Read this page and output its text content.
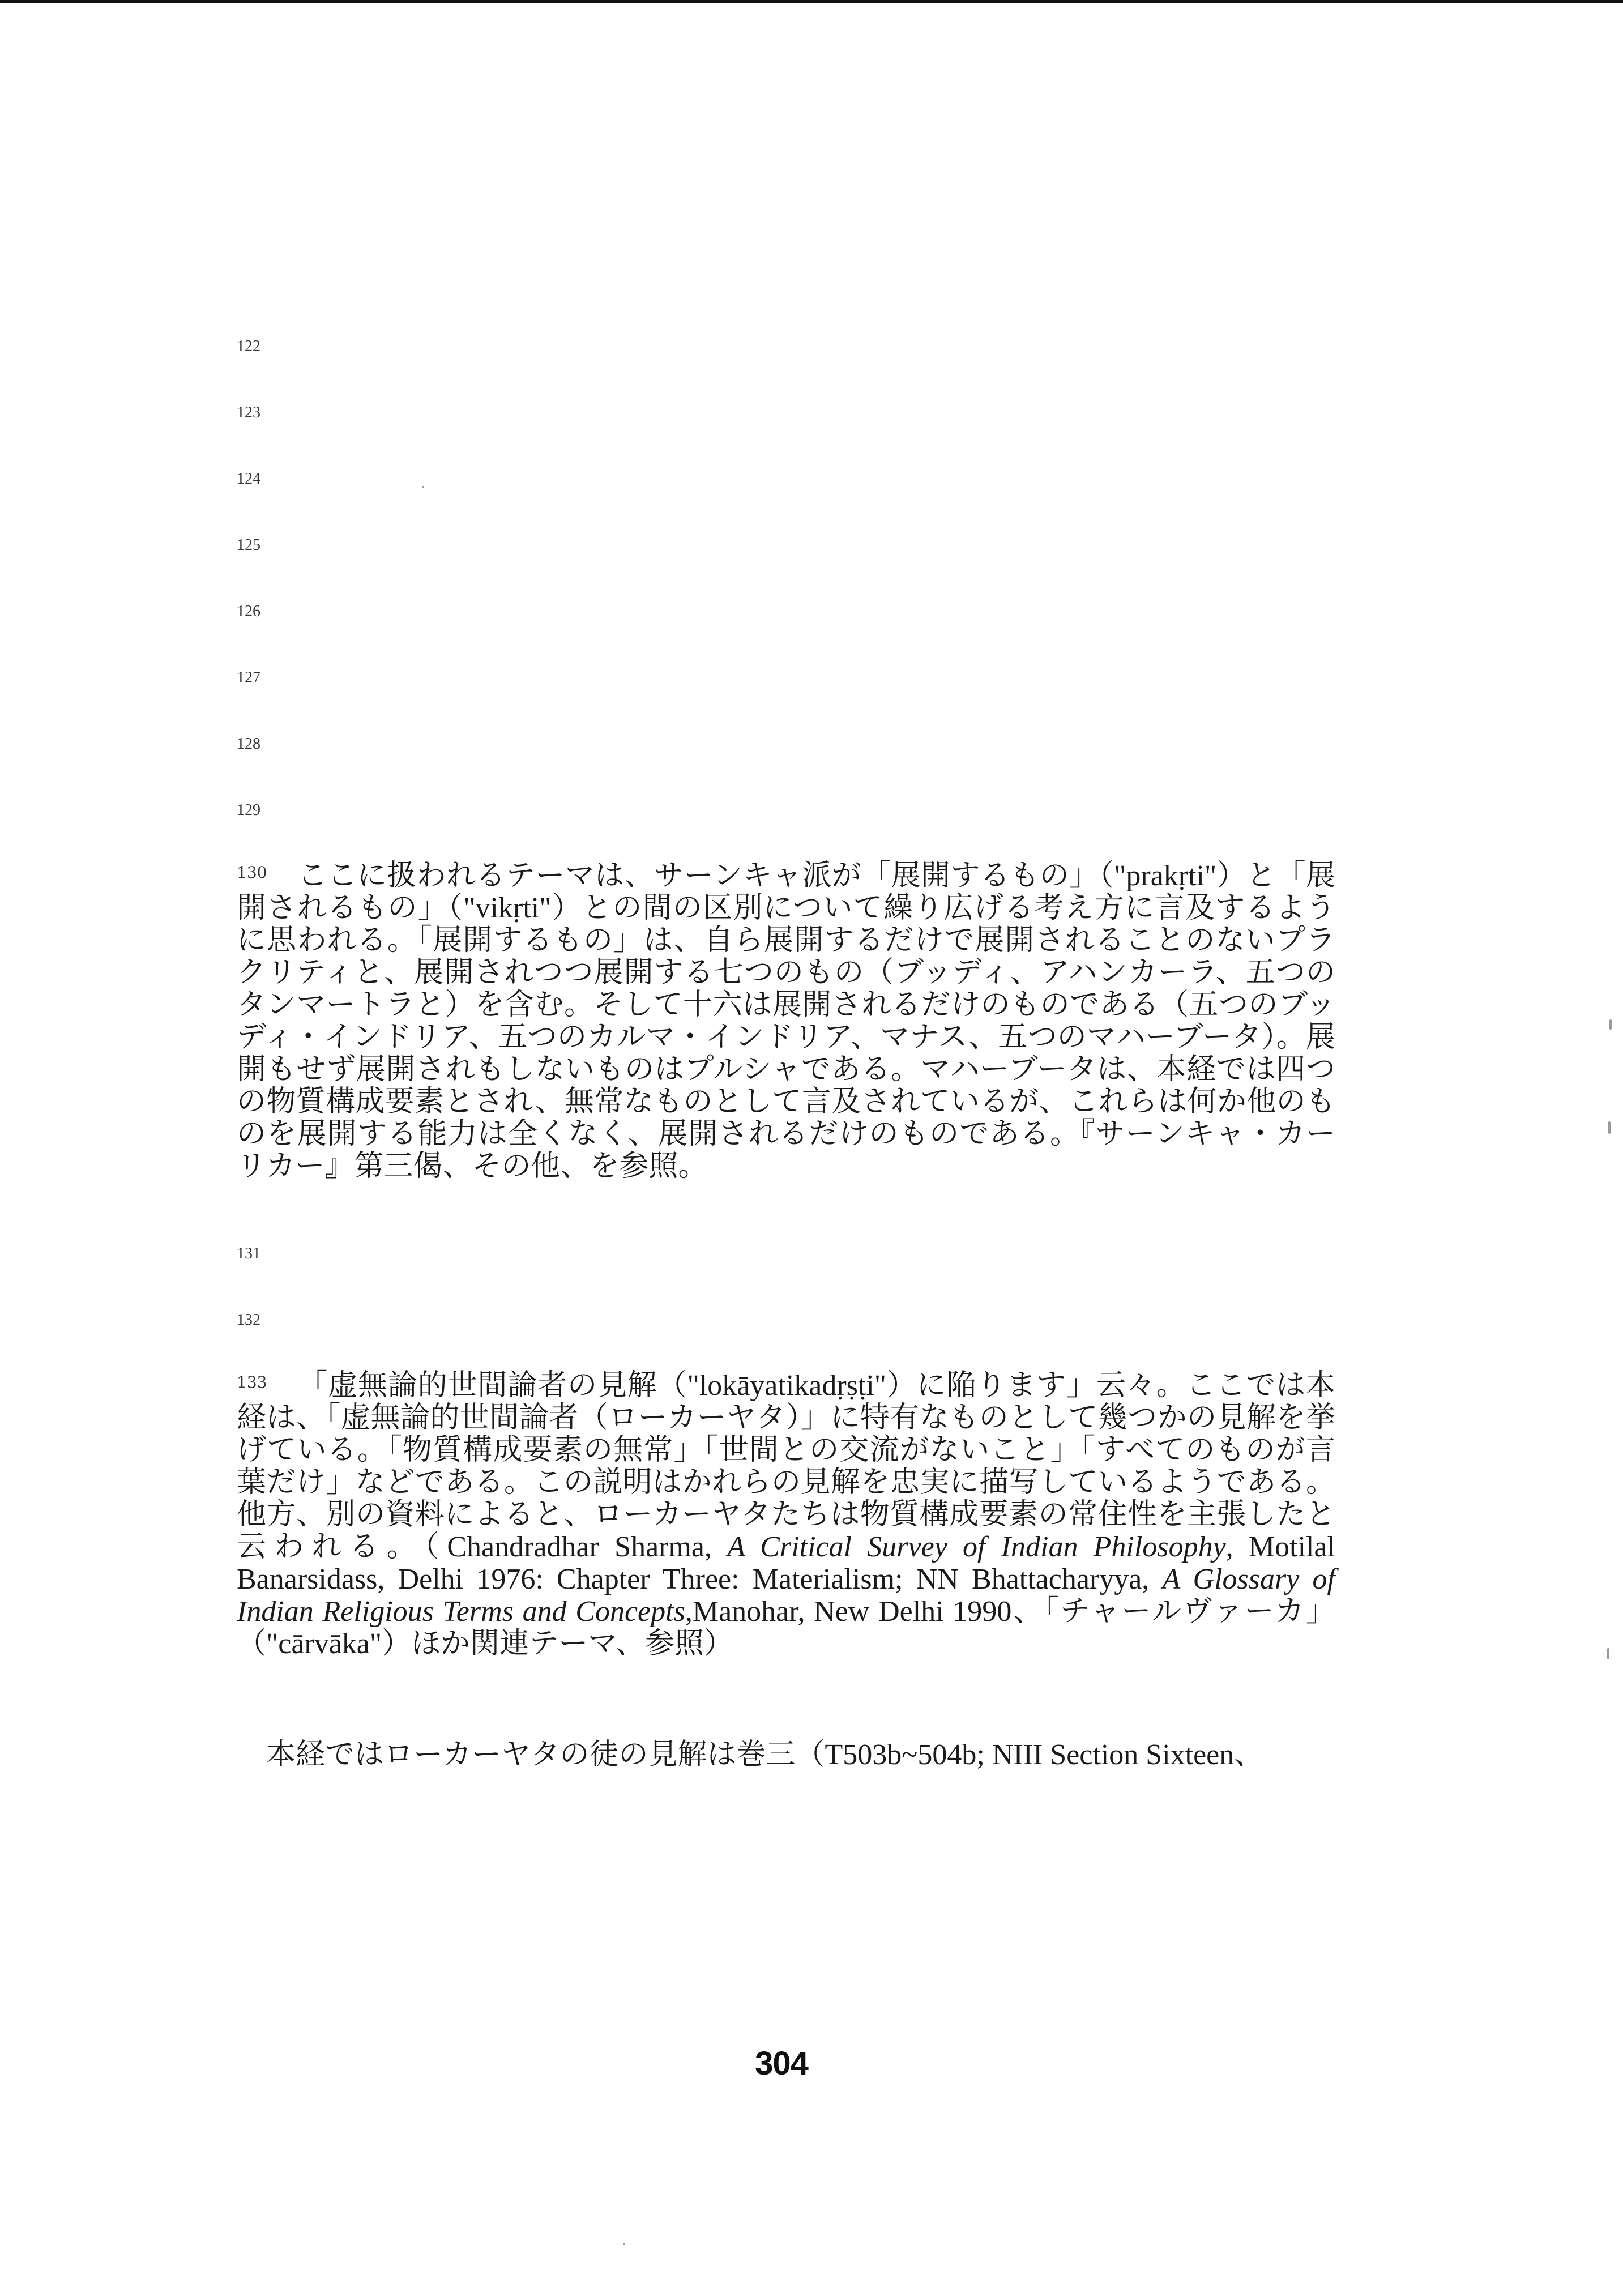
122
123
124
125
126
127
128
129
$^{130}$ ここに扱われるテーマは、サーンキャ派が「展開するもの」（"prakṛti"）と「展開されるもの」（"vikṛti"）との間の区別について繰り広げる考え方に言及するように思われる。「展開するもの」は、自ら展開するだけで展開されることのないプラクリティと、展開されつつ展開する七つのもの（ブッディ、アハンカーラ、五つのタンマートラと）を含む。そして十六は展開されるだけのものである（五つのブッディ・インドリア、五つのカルマ・インドリア、マナス、五つのマハーブータ）。展開もせず展開されもしないものはプルシャである。マハーブータは、本経では四つの物質構成要素とされ、無常なものとして言及されているが、これらは何か他のものを展開する能力は全くなく、展開されるだけのものである。『サーンキャ・カーリカー』第三偈、その他、を参照。
131
132
$^{133}$ 「虚無論的世間論者の見解（"lokāyatikadṛṣṭi"）に陥ります」云々。ここでは本経は、「虚無論的世間論者（ローカーヤタ）」に特有なものとして幾つかの見解を挙げている。「物質構成要素の無常」「世間との交流がないこと」「すべてのものが言葉だけ」などである。この説明はかれらの見解を忠実に描写しているようである。他方、別の資料によると、ローカーヤタたちは物質構成要素の常住性を主張したと云われる。（Chandradhar Sharma, A Critical Survey of Indian Philosophy, Motilal Banarsidass, Delhi 1976: Chapter Three: Materialism; NN Bhattacharyya, A Glossary of Indian Religious Terms and Concepts,Manohar, New Delhi 1990、「チャールヴァーカ」（"cārvāka"）ほか関連テーマ、参照）
本経ではローカーヤタの徒の見解は巻三（T503b~504b; NIII Section Sixteen、
304
